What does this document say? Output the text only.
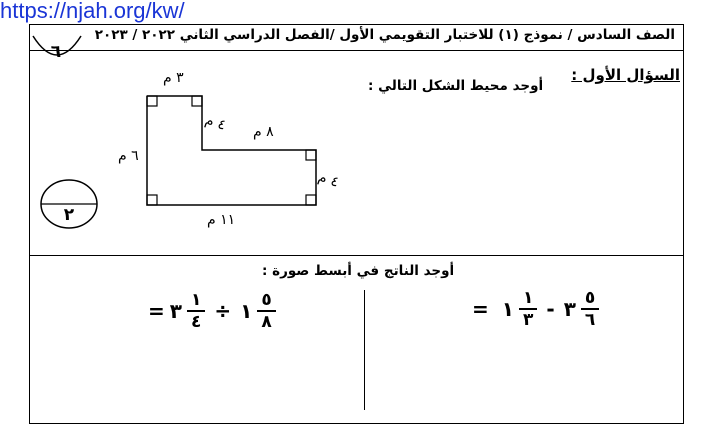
https://njah.org/kw/
الصف السادس / نموذج (١) للاختبار التقويمي الأول /الفصل الدراسي الثاني ٢٠٢٢ / ٢٠٢٣
٦
السؤال الأول :
أوجد محيط الشكل التالي :
٣ م
٤ م ٨ م
٤ م
٦ م
١١ م
٢
أوجد الناتج في أبسط صورة :
= ٣ $\frac{١}{٤}$ ÷ ١ $\frac{٥}{٨}$	= ١ $\frac{١}{٣}$ - ٣ $\frac{٥}{٦}$
